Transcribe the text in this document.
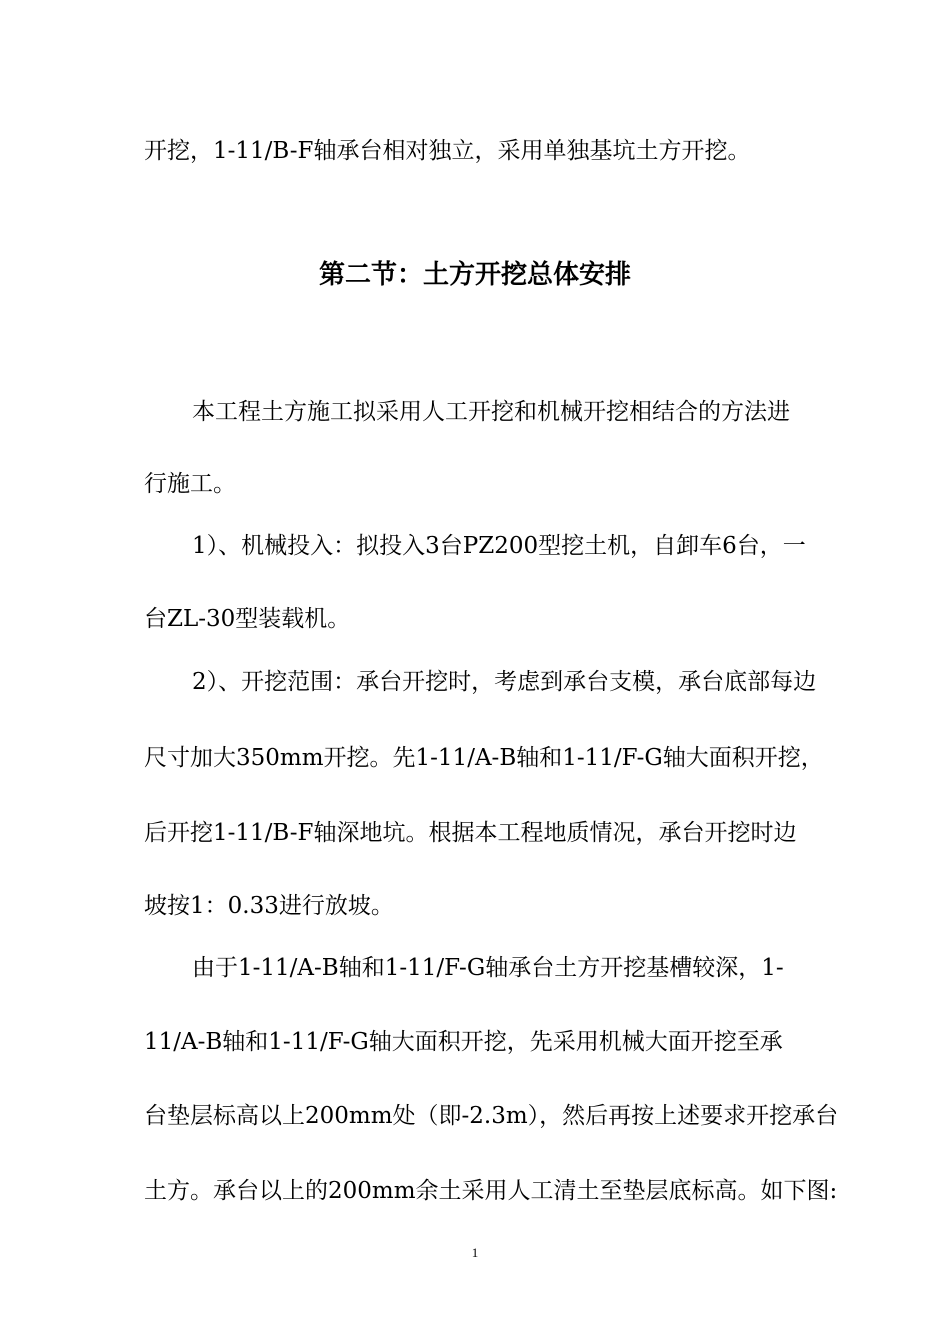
开挖，1-11/B-F轴承台相对独立，采用单独基坑土方开挖。
第二节：土方开挖总体安排
本工程土方施工拟采用人工开挖和机械开挖相结合的方法进
行施工。
1）、机械投入：拟投入3台PZ200型挖土机，自卸车6台，一
台ZL-30型装载机。
2）、开挖范围：承台开挖时，考虑到承台支模，承台底部每边
尺寸加大350mm开挖。先1-11/A-B轴和1-11/F-G轴大面积开挖，
后开挖1-11/B-F轴深地坑。根据本工程地质情况，承台开挖时边
坡按1：0.33进行放坡。
由于1-11/A-B轴和1-11/F-G轴承台土方开挖基槽较深，1-
11/A-B轴和1-11/F-G轴大面积开挖，先采用机械大面开挖至承
台垫层标高以上200mm处（即-2.3m），然后再按上述要求开挖承台
土方。承台以上的200mm余土采用人工清土至垫层底标高。如下图:
1
